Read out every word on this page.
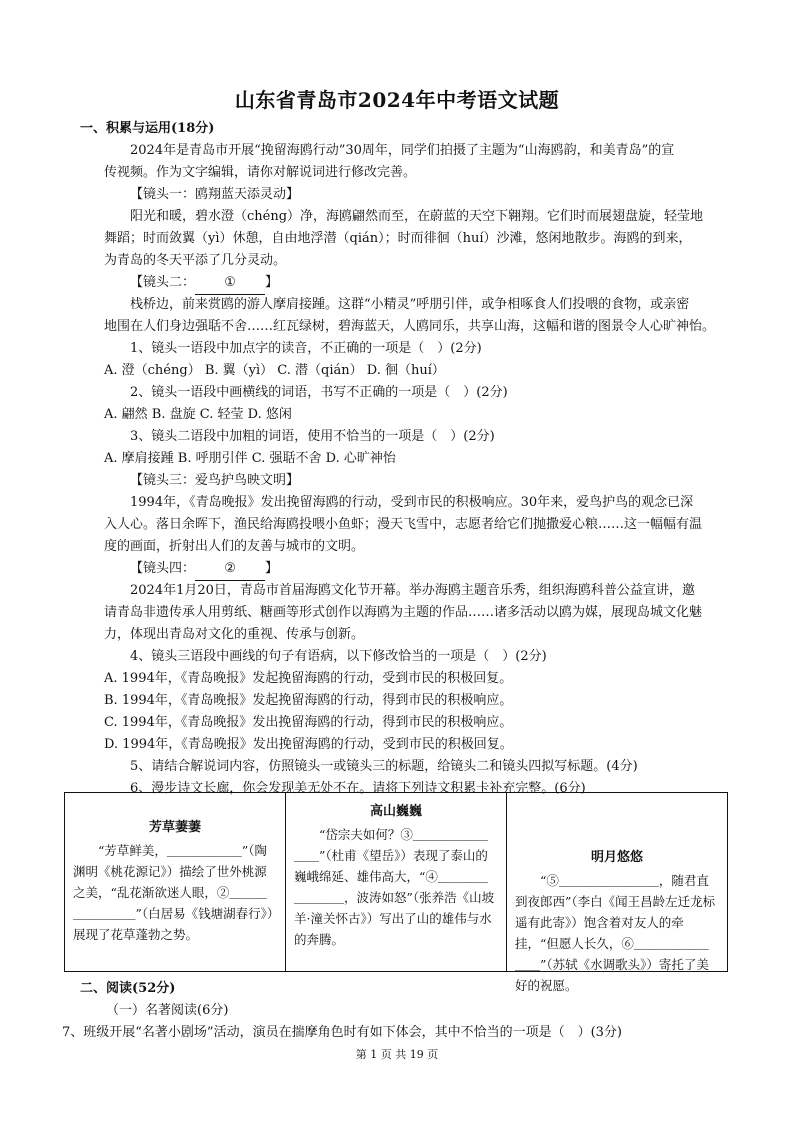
山东省青岛市2024年中考语文试题
一、积累与运用(18分)
2024年是青岛市开展“挽留海鸥行动”30周年，同学们拍摄了主题为“山海鸥韵，和美青岛”的宣
传视频。作为文字编辑，请你对解说词进行修改完善。
【镜头一：鸥翔蓝天添灵动】
阳光和暖，碧水澄（chéng）净，海鸥翩然而至，在蔚蓝的天空下翱翔。它们时而展翅盘旋，轻莹地
舞蹈；时而敛翼（yì）休憩，自由地浮潜（qián）；时而徘徊（huí）沙滩，悠闲地散步。海鸥的到来，
为青岛的冬天平添了几分灵动。
【镜头二： ① 】
栈桥边，前来赏鸥的游人摩肩接踵。这群“小精灵”呼朋引伴，或争相啄食人们投喂的食物，或亲密
地围在人们身边强聒不舍……红瓦绿树，碧海蓝天，人鸥同乐，共享山海，这幅和谐的图景令人心旷神怡。
1、镜头一语段中加点字的读音，不正确的一项是（　）(2分)
A. 澄（chéng） B. 翼（yì） C. 潜（qián） D. 徊（huí）
2、镜头一语段中画横线的词语，书写不正确的一项是（　）(2分)
A. 翩然 B. 盘旋 C. 轻莹 D. 悠闲
3、镜头二语段中加粗的词语，使用不恰当的一项是（　）(2分)
A. 摩肩接踵 B. 呼朋引伴 C. 强聒不舍 D. 心旷神怡
【镜头三：爱鸟护鸟映文明】
1994年，《青岛晚报》发出挽留海鸥的行动，受到市民的积极响应。30年来，爱鸟护鸟的观念已深
入人心。落日余晖下，渔民给海鸥投喂小鱼虾；漫天飞雪中，志愿者给它们抛撒爱心粮……这一幅幅有温
度的画面，折射出人们的友善与城市的文明。
【镜头四： ② 】
2024年1月20日，青岛市首届海鸥文化节开幕。举办海鸥主题音乐秀，组织海鸥科普公益宣讲，邀
请青岛非遗传承人用剪纸、糖画等形式创作以海鸥为主题的作品……诸多活动以鸥为媒，展现岛城文化魅
力，体现出青岛对文化的重视、传承与创新。
4、镜头三语段中画线的句子有语病，以下修改恰当的一项是（　）(2分)
A. 1994年，《青岛晚报》发起挽留海鸥的行动，受到市民的积极回复。
B. 1994年，《青岛晚报》发起挽留海鸥的行动，得到市民的积极响应。
C. 1994年，《青岛晚报》发出挽留海鸥的行动，得到市民的积极响应。
D. 1994年，《青岛晚报》发出挽留海鸥的行动，受到市民的积极回复。
5、请结合解说词内容，仿照镜头一或镜头三的标题，给镜头二和镜头四拟写标题。(4分)
6、漫步诗文长廊，你会发现美无处不在。请将下列诗文积累卡补充完整。(6分)
芳草萋萋

“芳草鲜美，＿＿＿＿＿＿”（陶渊明《桃花源记》）描绘了世外桃源之美，“乱花渐欲迷人眼，②＿＿＿＿＿＿＿＿”（白居易《钱塘湖春行》）展现了花草蓬勃之势。

高山巍巍

“岱宗夫如何？③＿＿＿＿＿＿＿＿”（杜甫《望岳》）表现了泰山的巍峨绵延、雄伟高大，“④＿＿＿＿＿＿＿＿，波涛如怒”（张养浩《山坡羊·潼关怀古》）写出了山的雄伟与水的奔腾。

明月悠悠

“⑤＿＿＿＿＿＿＿＿，随君直到夜郎西”（李白《闻王昌龄左迁龙标遥有此寄》）饱含着对友人的牵挂，“但愿人长久，⑥＿＿＿＿＿＿＿＿”（苏轼《水调歌头》）寄托了美好的祝愿。

二、阅读(52分)
（一）名著阅读(6分)
7、班级开展“名著小剧场”活动，演员在揣摩角色时有如下体会，其中不恰当的一项是（　）(3分)
第 1 页 共 19 页
